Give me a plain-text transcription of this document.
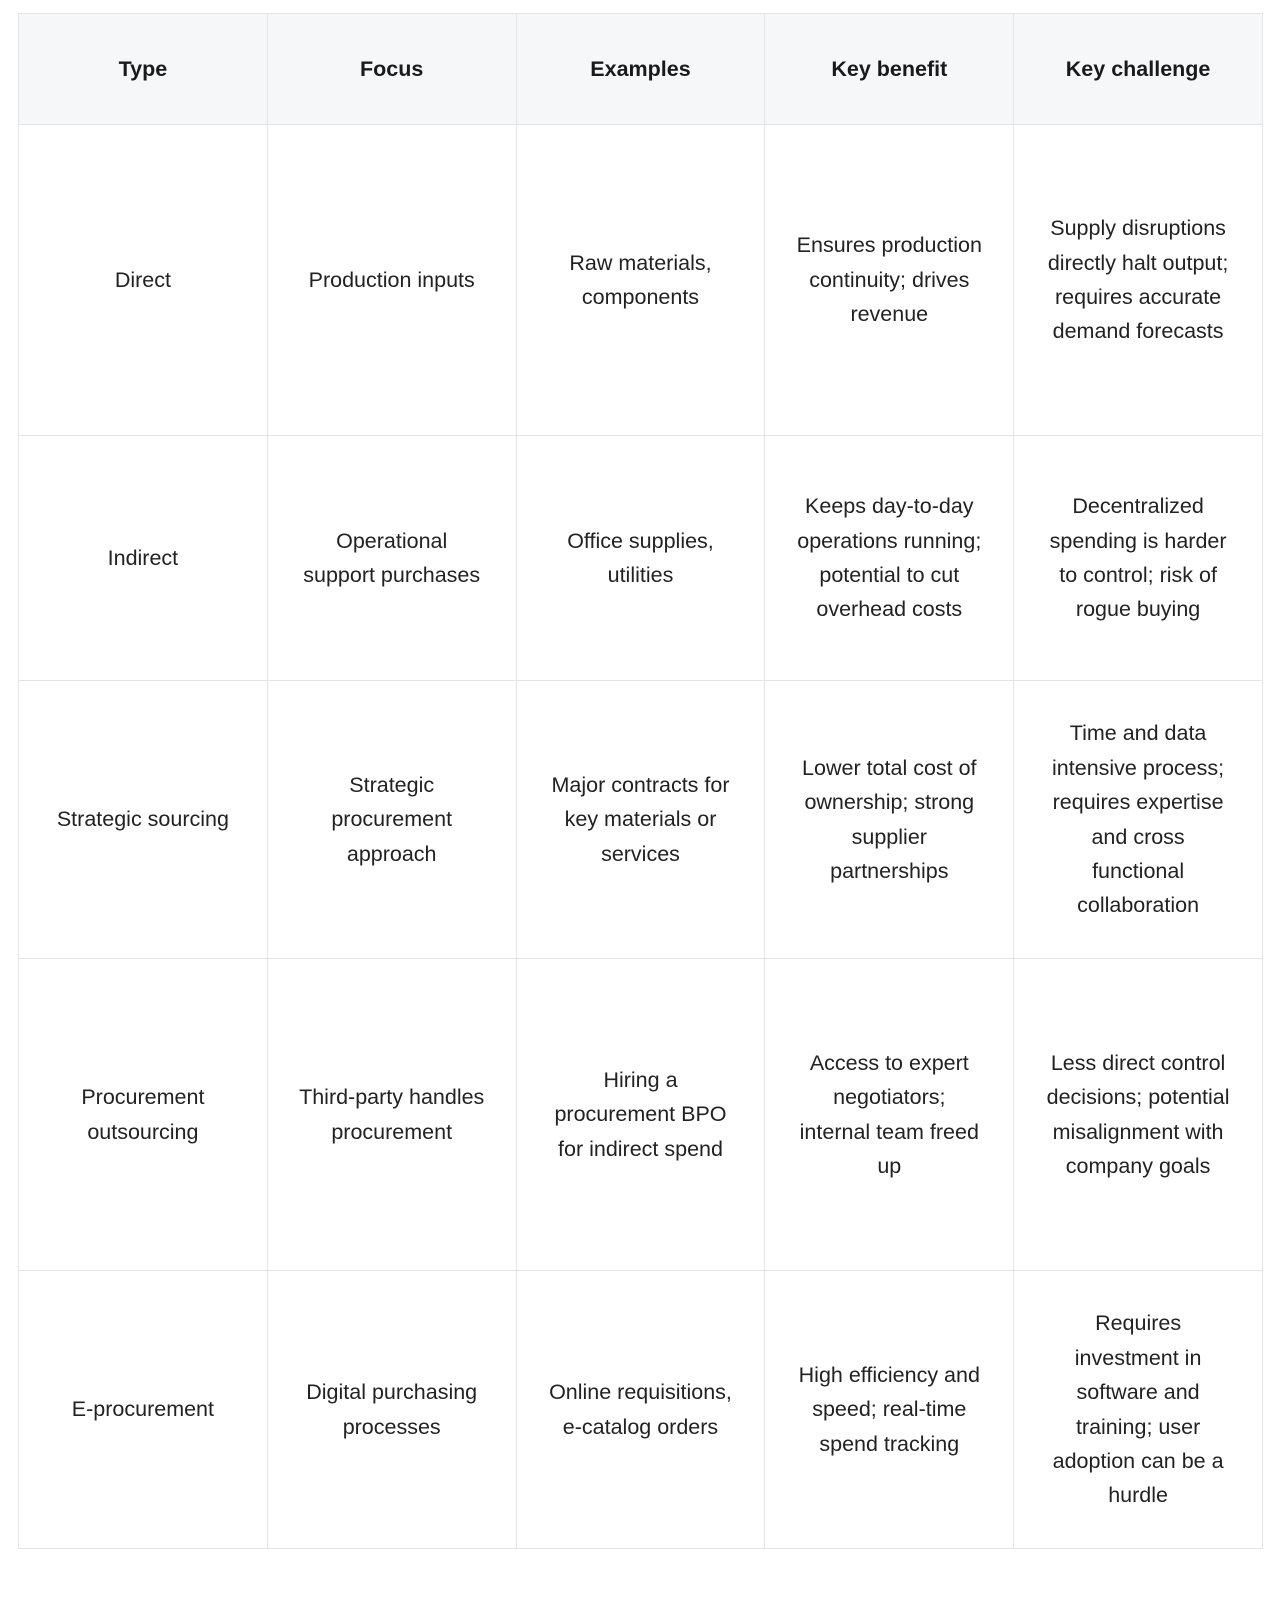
Type	Focus	Examples	Key benefit	Key challenge
Direct	Production inputs	Raw materials, components	Ensures production continuity; drives revenue	Supply disruptions directly halt output; requires accurate demand forecasts
Indirect	Operational support purchases	Office supplies, utilities	Keeps day-to-day operations running; potential to cut overhead costs	Decentralized spending is harder to control; risk of rogue buying
Strategic sourcing	Strategic procurement approach	Major contracts for key materials or services	Lower total cost of ownership; strong supplier partnerships	Time and data intensive process; requires expertise and cross functional collaboration
Procurement outsourcing	Third-party handles procurement	Hiring a procurement BPO for indirect spend	Access to expert negotiators; internal team freed up	Less direct control decisions; potential misalignment with company goals
E-procurement	Digital purchasing processes	Online requisitions, e-catalog orders	High efficiency and speed; real-time spend tracking	Requires investment in software and training; user adoption can be a hurdle
